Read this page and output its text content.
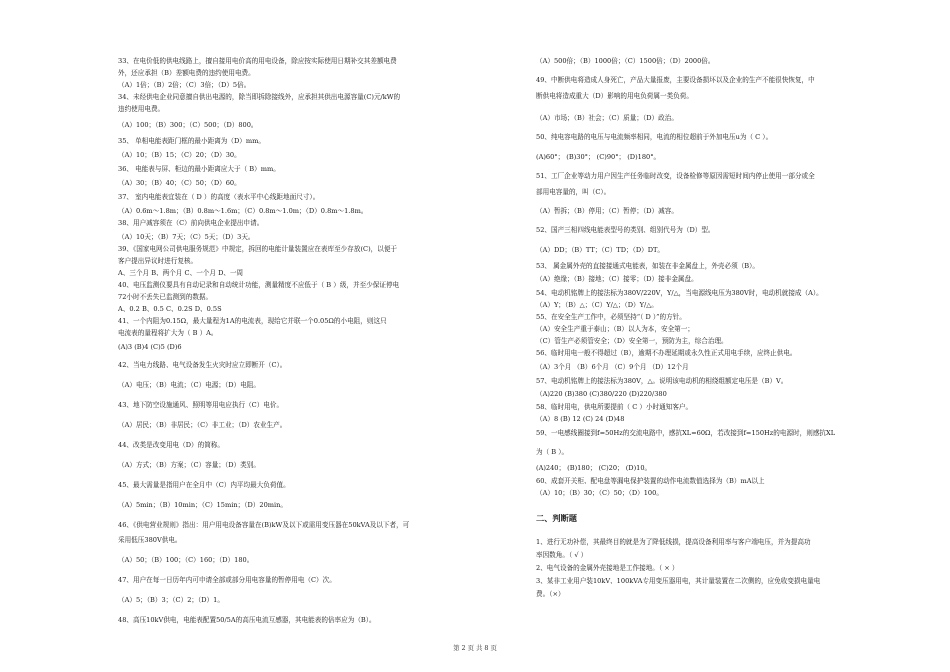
33、在电价低的供电线路上，擅自接用电价高的用电设备，除应按实际使用日期补交其差额电费
外，还应承担（B）差额电费的违约使用电费。
（A）1倍；（B）2倍；（C）3倍；（D）5倍。
34、未经供电企业同意擅自供出电源的，除当即拆除接线外，应承担其供出电源容量(C)元/kW的
违约使用电费。
（A）100；（B）300；（C）500；（D）800。
35、 单相电能表距门框的最小距离为（D）mm。
（A）10；（B）15；（C）20；（D）30。
36、 电能表与屏、柜边的最小距离应大于（ B）mm。
（A）30；（B）40；（C）50；（D）60。
37、 室内电能表宜装在（ D ）的高度（表水平中心线距地面尺寸）。
（A）0.6m～1.8m；（B）0.8m～1.6m；（C）0.8m～1.0m；（D）0.8m～1.8m。
38、用户减容须在（C）前向供电企业提出申请。
（A）10天；（B）7天；（C）5天；（D）3天。
39、《国家电网公司供电服务规范》中规定，拆回的电能计量装置应在表库至少存放(C)，以便于
客户提出异议时进行复核。
A、三个月 B、两个月 C、一个月 D、一周
40、电压监测仪要具有自动记录和自动统计功能，测量精度不应低于（ B ）级，并至少保证停电
72小时不丢失已监测到的数据。
A、0.2 B、0.5 C、0.2S D、0.5S
41、一个内阻为0.15Ω，最大量程为1A的电流表，现给它并联一个0.05Ω的小电阻，则这只
电流表的量程将扩大为（ B ）A。
(A)3 (B)4 (C)5 (D)6
42、当电力线路、电气设备发生火灾时应立即断开（C）。
（A）电压；（B）电流；（C）电源；（D）电阻。
43、地下防空设施通风、照明等用电应执行（C）电价。
（A）居民；（B）非居民；（C）非工业；（D）农业生产。
44、改类是改变用电（D）的简称。
（A）方式；（B）方案；（C）容量；（D）类别。
45、最大需量是指用户在全月中（C）内平均最大负荷值。
（A）5min；（B）10min；（C）15min；（D）20min。
46、《供电营业规则》指出：用户用电设备容量在(B)kW及以下或需用变压器在50kVA及以下者，可
采用低压380V供电。
（A）50；（B）100；（C）160；（D）180。
47、用户在每一日历年内可申请全部或部分用电容量的暂停用电（C）次。
（A）5；（B）3；（C）2；（D）1。
48、高压10kV供电，电能表配置50/5A的高压电流互感器，其电能表的倍率应为（B）。
（A）500倍；（B）1000倍；（C）1500倍；（D）2000倍。
49、中断供电将造成人身死亡，产品大量报废，主要设备损坏以及企业的生产不能很快恢复，中
断供电将造成重大（D）影响的用电负荷属一类负荷。
（A）市场；（B）社会；（C）质量；（D）政治。
50、纯电容电路的电压与电流频率相同，电流的相位超前于外加电压u为（ C ）。
(A)60°； (B)30°； (C)90°； (D)180°。
51、工厂企业等动力用户因生产任务临时改变，设备检修等原因需短时间内停止使用一部分或全
部用电容量的，叫（C）。
（A）暂拆；（B）停用；（C）暂停；（D）减容。
52、国产三相四线电能表型号的类别、组别代号为（D）型。
（A）DD；（B）TT；（C）TD；（D）DT。
53、 属金属外壳的直接接通式电能表，如装在非金属盘上，外壳必须（B）。
（A）绝缘；（B）接地；（C）接零；（D）接非金属盘。
54、电动机铭牌上的接法标为380V/220V，Y/△，当电源线电压为380V时，电动机就接成（A）。
（A）Y；（B）△；（C）Y/△；（D）Y/△。
55、在安全生产工作中，必须坚持“（ D ）”的方针。
（A）安全生产重于泰山；（B）以人为本，安全第一；
（C）管生产必须管安全；（D）安全第一，预防为主，综合治理。
56、临时用电一般不得超过（B），逾期不办理延期或永久性正式用电手续，应终止供电。
（A）3个月 （B）6个月 （C）9个月 （D）12个月
57、电动机铭牌上的接法标为380V，△。说明该电动机的相绕组额定电压是（B）V。
（A)220 (B)380 (C)380/220 (D)220/380
58、临时用电，供电所要提前（ C ）小时通知客户。
（A）8 (B) 12 (C) 24 (D)48
59、一电感线圈接到f=50Hz的交流电路中，感抗XL=60Ω，若改接到f=150Hz的电源时，则感抗XL
为（ B ）。
(A)240； (B)180； (C)20； (D)10。
60、成套开关柜、配电盘等漏电保护装置的动作电流数值选择为（B）mA以上
（A）10；（B）30；（C）50；（D）100。
二、判断题
1、进行无功补偿，其最终目的就是为了降低线损，提高设备利用率与客户端电压，并为提高功
率因数角。（ √ ）
2、电气设备的金属外壳接地是工作接地。（ × ）
3、某非工业用户装10kV、100kVA专用变压器用电，其计量装置在二次侧的，应免收变损电量电
费。（×）
第 2 页 共 8 页
